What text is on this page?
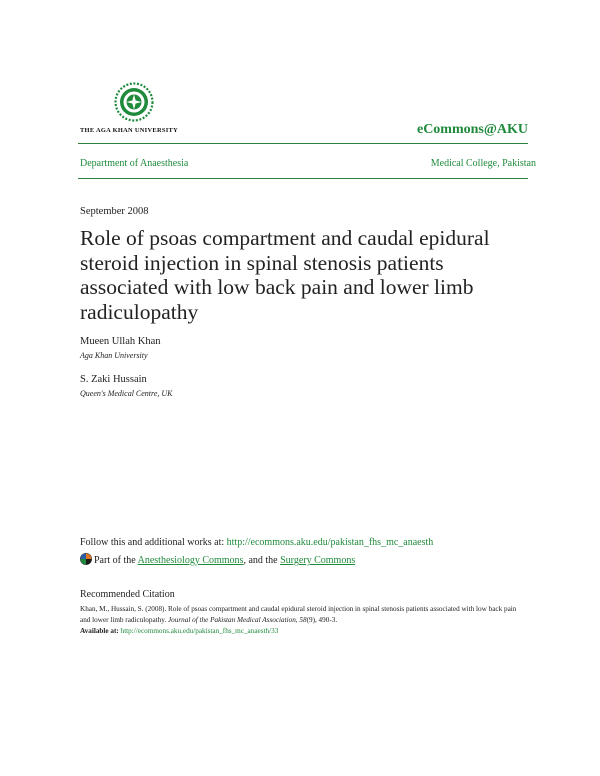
THE AGA KHAN UNIVERSITY	eCommons@AKU
Department of Anaesthesia	Medical College, Pakistan
September 2008
Role of psoas compartment and caudal epidural steroid injection in spinal stenosis patients associated with low back pain and lower limb radiculopathy
Mueen Ullah Khan
Aga Khan University
S. Zaki Hussain
Queen's Medical Centre, UK
Follow this and additional works at: http://ecommons.aku.edu/pakistan_fhs_mc_anaesth
Part of the Anesthesiology Commons, and the Surgery Commons
Recommended Citation
Khan, M., Hussain, S. (2008). Role of psoas compartment and caudal epidural steroid injection in spinal stenosis patients associated with low back pain and lower limb radiculopathy. Journal of the Pakistan Medical Association, 58(9), 490-3.
Available at: http://ecommons.aku.edu/pakistan_fhs_mc_anaesth/33
